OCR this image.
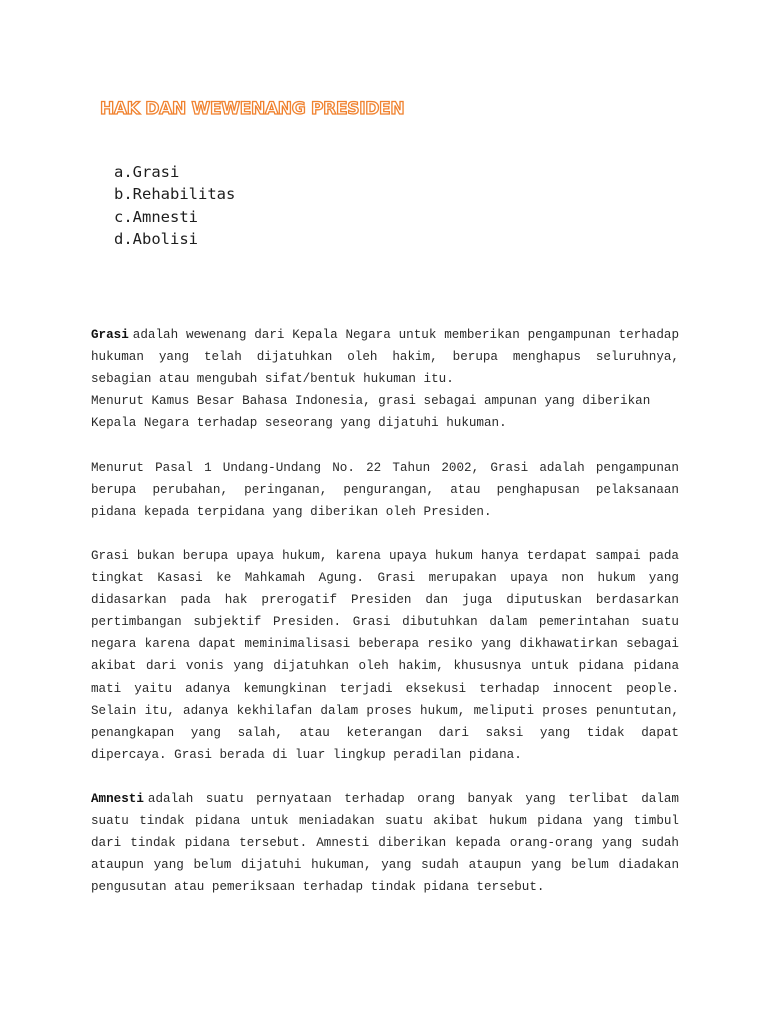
HAK DAN WEWENANG PRESIDEN
a.Grasi
b.Rehabilitas
c.Amnesti
d.Abolisi

Grasi adalah wewenang dari Kepala Negara untuk memberikan pengampunan terhadap hukuman yang telah dijatuhkan oleh hakim, berupa menghapus seluruhnya, sebagian atau mengubah sifat/bentuk hukuman itu.

Menurut Kamus Besar Bahasa Indonesia, grasi sebagai ampunan yang diberikan Kepala Negara terhadap seseorang yang dijatuhi hukuman.

Menurut Pasal 1 Undang-Undang No. 22 Tahun 2002, Grasi adalah pengampunan berupa perubahan, peringanan, pengurangan, atau penghapusan pelaksanaan pidana kepada terpidana yang diberikan oleh Presiden.

Grasi bukan berupa upaya hukum, karena upaya hukum hanya terdapat sampai pada tingkat Kasasi ke Mahkamah Agung. Grasi merupakan upaya non hukum yang didasarkan pada hak prerogatif Presiden dan juga diputuskan berdasarkan pertimbangan subjektif Presiden. Grasi dibutuhkan dalam pemerintahan suatu negara karena dapat meminimalisasi beberapa resiko yang dikhawatirkan sebagai akibat dari vonis yang dijatuhkan oleh hakim, khususnya untuk pidana pidana mati yaitu adanya kemungkinan terjadi eksekusi terhadap innocent people. Selain itu, adanya kekhilafan dalam proses hukum, meliputi proses penuntutan, penangkapan yang salah, atau keterangan dari saksi yang tidak dapat dipercaya. Grasi berada di luar lingkup peradilan pidana.

Amnesti adalah suatu pernyataan terhadap orang banyak yang terlibat dalam suatu tindak pidana untuk meniadakan suatu akibat hukum pidana yang timbul dari tindak pidana tersebut. Amnesti diberikan kepada orang-orang yang sudah ataupun yang belum dijatuhi hukuman, yang sudah ataupun yang belum diadakan pengusutan atau pemeriksaan terhadap tindak pidana tersebut.
